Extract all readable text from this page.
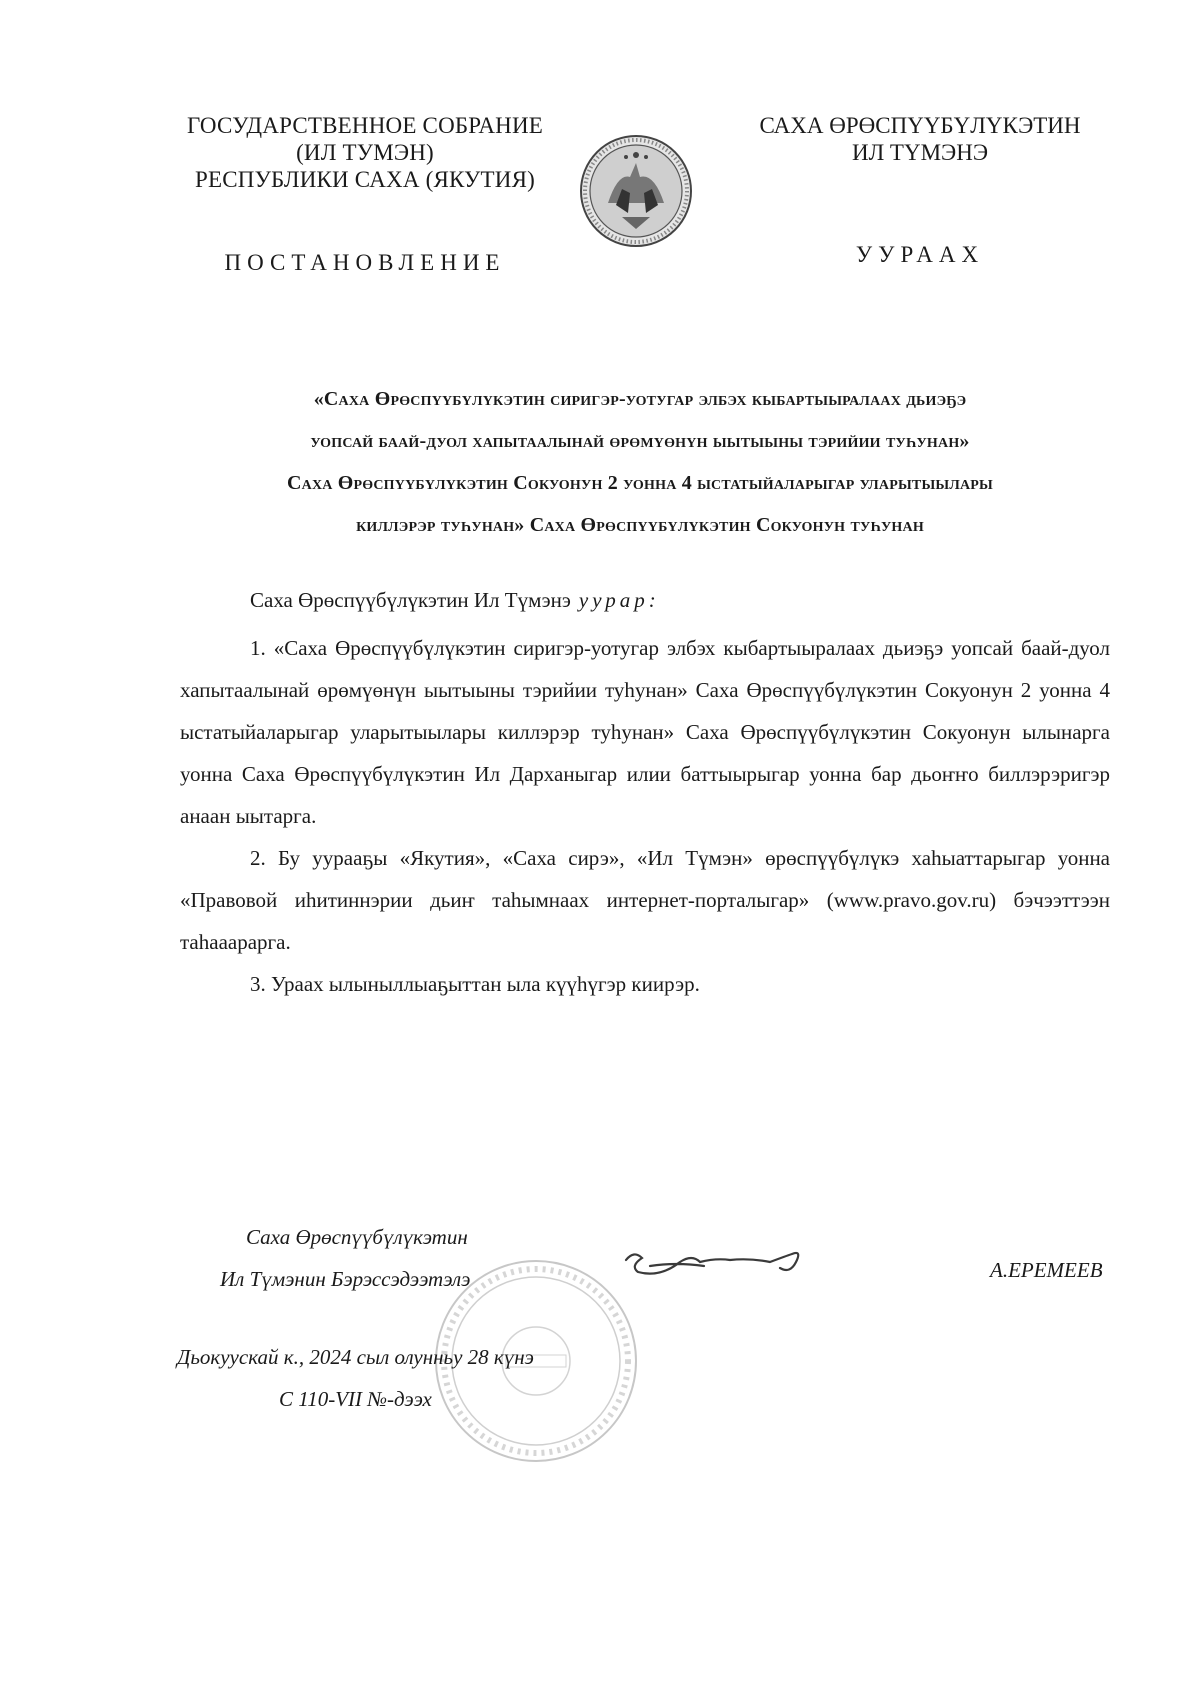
ГОСУДАРСТВЕННОЕ СОБРАНИЕ
(ИЛ ТУМЭН)
РЕСПУБЛИКИ САХА (ЯКУТИЯ)
САХА ӨРӨСПҮҮБҮЛҮКЭТИН
ИЛ ТҮМЭНЭ
ПОСТАНОВЛЕНИЕ	УУРААХ
«Саха Өрөспүүбүлүкэтин сиригэр-уотугар элбэх кыбартыыралаах дьиэҕэ
уопсай баай-дуол хапытаалынай өрөмүөнүн ыытыыны тэрийии туһунан»
Саха Өрөспүүбүлүкэтин Сокуонун 2 уонна 4 ыстатыйаларыгар уларытыылары
киллэрэр туһунан» Саха Өрөспүүбүлүкэтин Сокуонун туһунан
Саха Өрөспүүбүлүкэтин Ил Түмэнэ уурар:

1. «Саха Өрөспүүбүлүкэтин сиригэр-уотугар элбэх кыбартыыралаах дьиэҕэ уопсай баай-дуол хапытаалынай өрөмүөнүн ыытыыны тэрийии туһунан» Саха Өрөспүүбүлүкэтин Сокуонун 2 уонна 4 ыстатыйаларыгар уларытыылары киллэрэр туһунан» Саха Өрөспүүбүлүкэтин Сокуонун ылынарга уонна Саха Өрөспүүбүлүкэтин Ил Дарханыгар илии баттыырыгар уонна бар дьоҥҥо биллэрэригэр анаан ыытарга.

2. Бу уурааҕы «Якутия», «Саха сирэ», «Ил Түмэн» өрөспүүбүлүкэ хаһыаттарыгар уонна «Правовой иһитиннэрии дьиҥ таһымнаах интернет-порталыгар» (www.pravo.gov.ru) бэчээттээн таһааарарга.

3. Ураах ылыныллыаҕыттан ыла күүһүгэр киирэр.

Саха Өрөспүүбүлүкэтин
Ил Түмэнин Бэрэссэдээтэлэ	А.ЕРЕМЕЕВ
Дьокуускай к., 2024 сыл олунньу 28 күнэ
С 110-VII №-дээх
